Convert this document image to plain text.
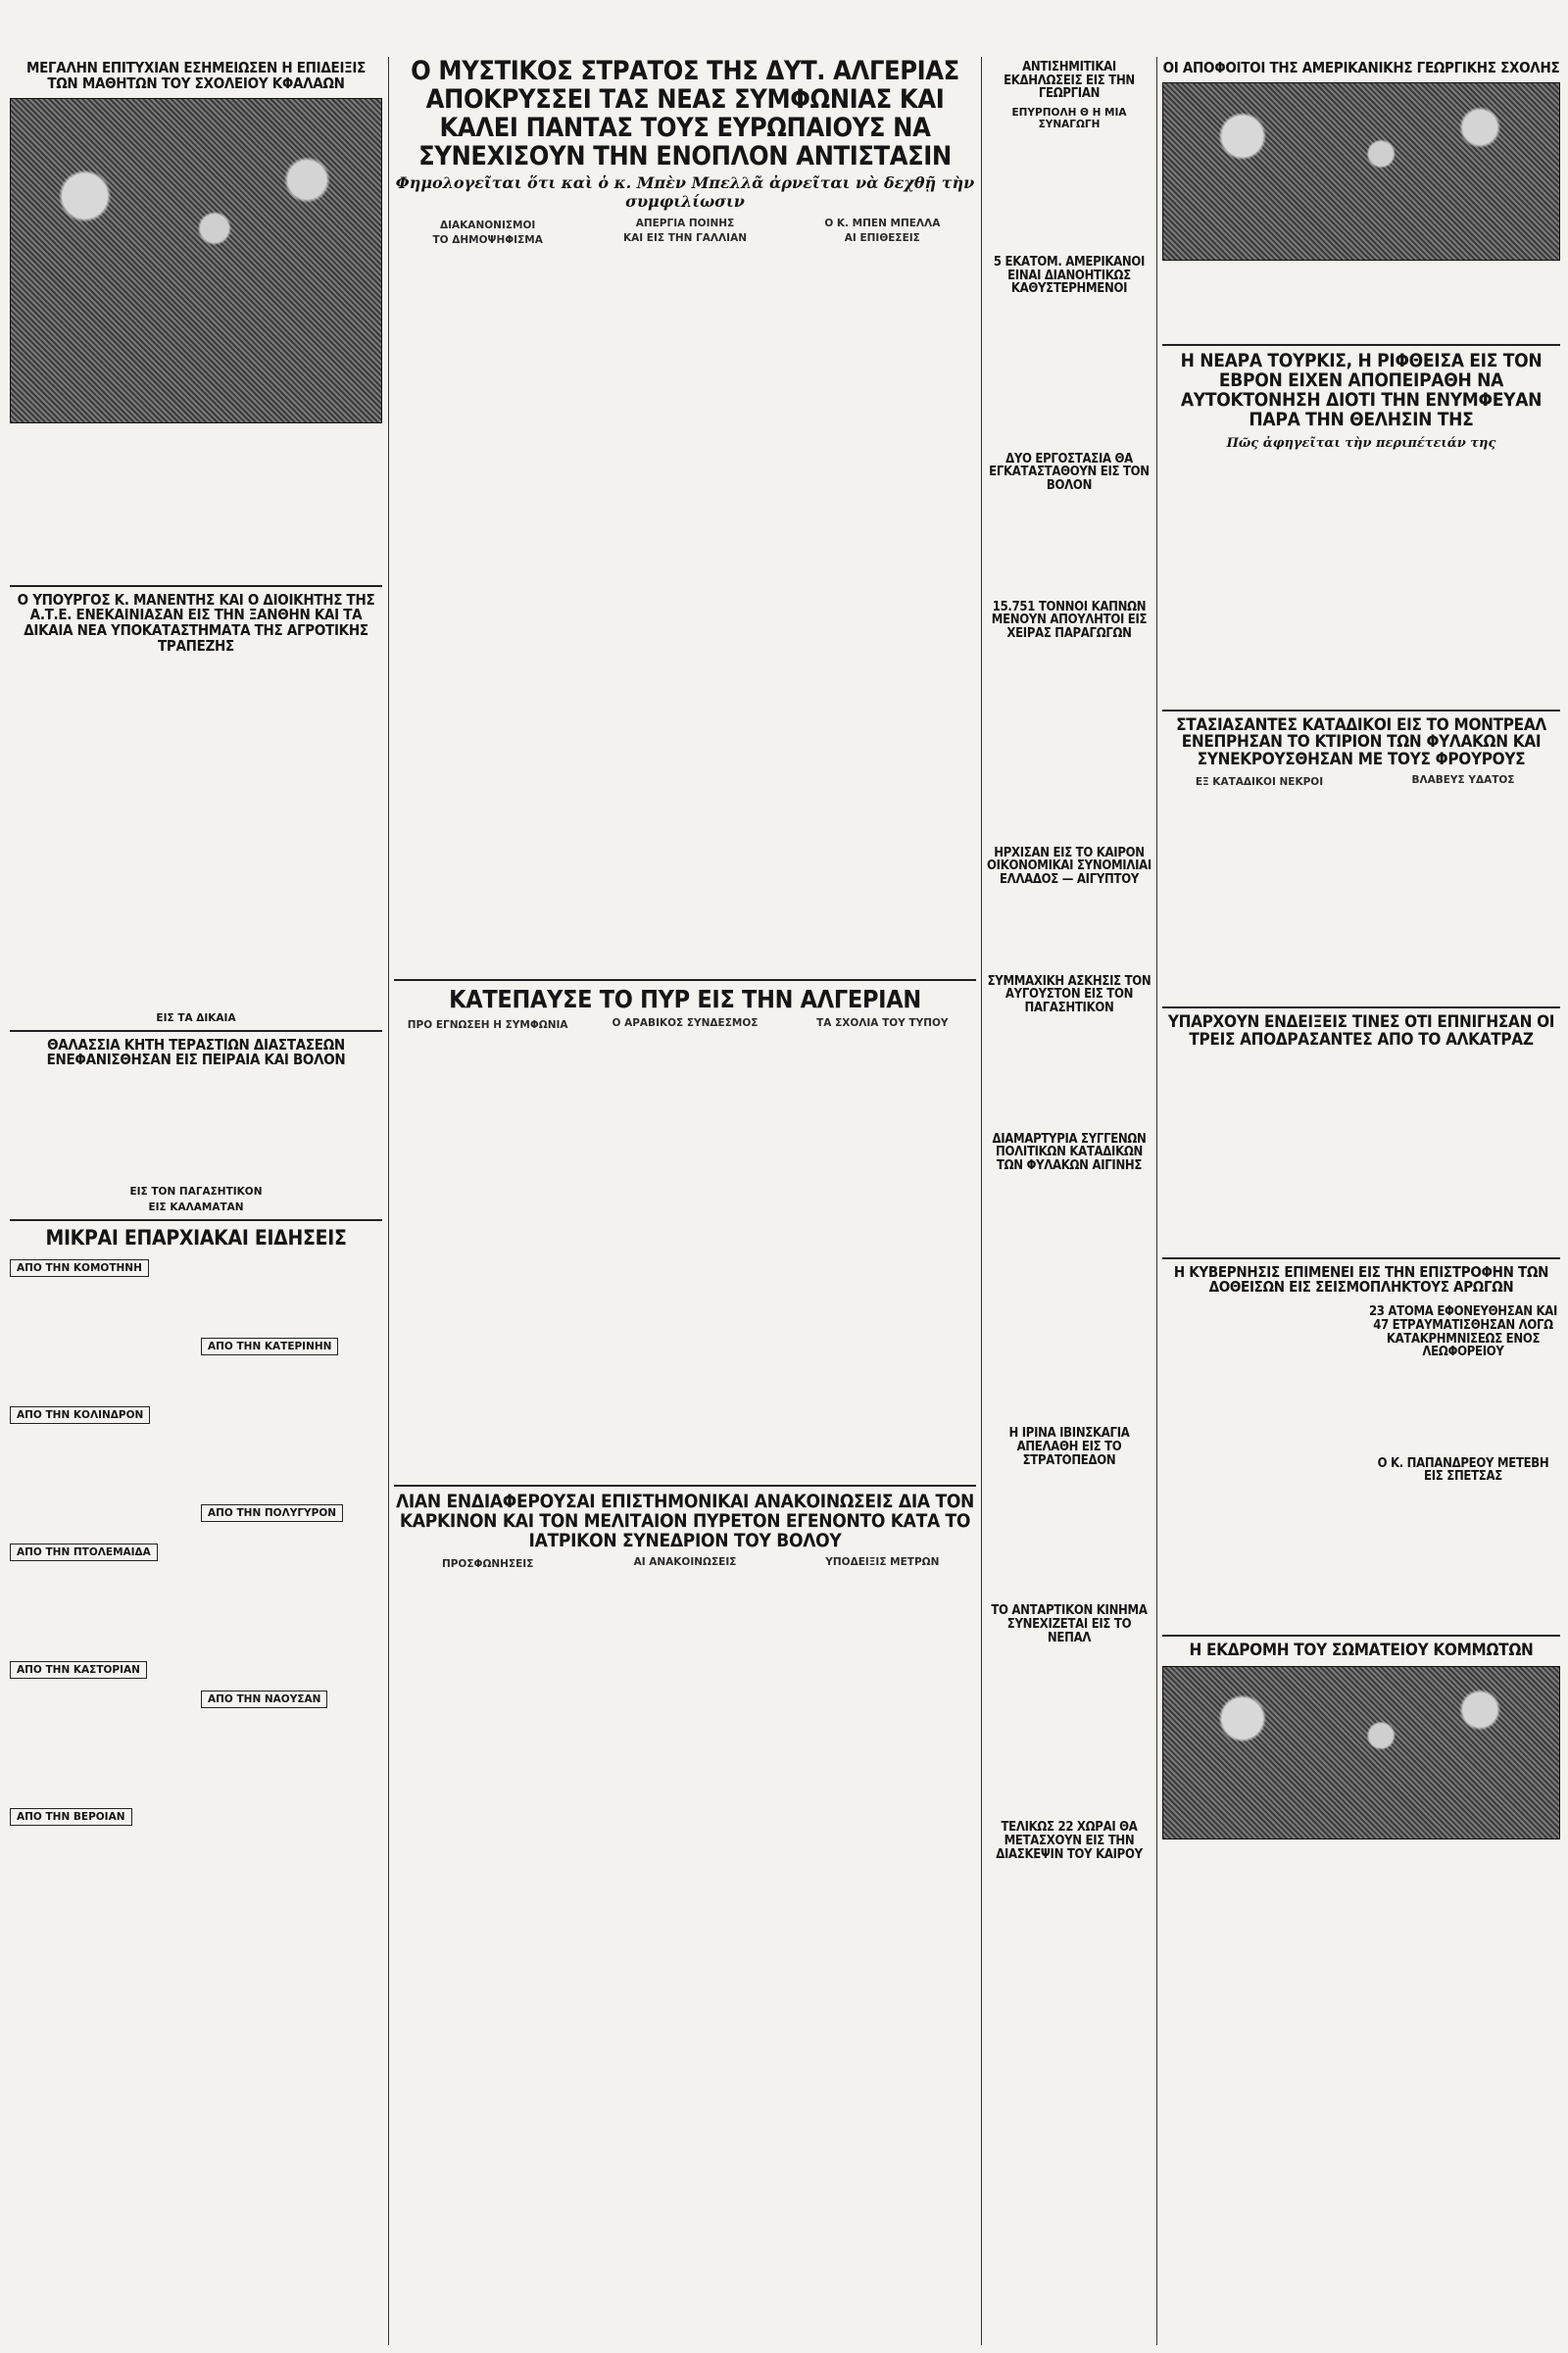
ΜΕΓΑΛΗΝ ΕΠΙΤΥΧΙΑΝ ΕΣΗΜΕΙΩΣΕΝ Η ΕΠΙΔΕΙΞΙΣ ΤΩΝ ΜΑΘΗΤΩΝ ΤΟΥ ΣΧΟΛΕΙΟΥ ΚΦΑΛΑΩΝ

Ο ΥΠΟΥΡΓΟΣ Κ. ΜΑΝΕΝΤΗΣ ΚΑΙ Ο ΔΙΟΙΚΗΤΗΣ ΤΗΣ Α.Τ.Ε. ΕΝΕΚΑΙΝΙΑΣΑΝ ΕΙΣ ΤΗΝ ΞΑΝΘΗΝ ΚΑΙ ΤΑ ΔΙΚΑΙΑ ΝΕΑ ΥΠΟΚΑΤΑΣΤΗΜΑΤΑ ΤΗΣ ΑΓΡΟΤΙΚΗΣ ΤΡΑΠΕΖΗΣ
ΕΙΣ ΤΑ ΔΙΚΑΙΑ
ΘΑΛΑΣΣΙΑ ΚΗΤΗ ΤΕΡΑΣΤΙΩΝ ΔΙΑΣΤΑΣΕΩΝ ΕΝΕΦΑΝΙΣΘΗΣΑΝ ΕΙΣ ΠΕΙΡΑΙΑ ΚΑΙ ΒΟΛΟΝ
ΕΙΣ ΤΟΝ ΠΑΓΑΣΗΤΙΚΟΝ
ΕΙΣ ΚΑΛΑΜΑΤΑΝ
ΜΙΚΡΑΙ ΕΠΑΡΧΙΑΚΑΙ ΕΙΔΗΣΕΙΣ
ΑΠΟ ΤΗΝ ΚΟΜΟΤΗΝΗ
ΑΠΟ ΤΗΝ ΚΟΛΙΝΔΡΟΝ
ΑΠΟ ΤΗΝ ΠΤΟΛΕΜΑΙΔΑ
ΑΠΟ ΤΗΝ ΚΑΣΤΟΡΙΑΝ
ΑΠΟ ΤΗΝ ΒΕΡΟΙΑΝ
ΑΠΟ ΤΗΝ ΚΑΤΕΡΙΝΗΝ
ΑΠΟ ΤΗΝ ΠΟΛΥΓΥΡΟΝ
ΑΠΟ ΤΗΝ ΝΑΟΥΣΑΝ
Ο ΜΥΣΤΙΚΟΣ ΣΤΡΑΤΟΣ ΤΗΣ ΔΥΤ. ΑΛΓΕΡΙΑΣ ΑΠΟΚΡΥΣΣΕΙ ΤΑΣ ΝΕΑΣ ΣΥΜΦΩΝΙΑΣ ΚΑΙ ΚΑΛΕΙ ΠΑΝΤΑΣ ΤΟΥΣ ΕΥΡΩΠΑΙΟΥΣ ΝΑ ΣΥΝΕΧΙΣΟΥΝ ΤΗΝ ΕΝΟΠΛΟΝ ΑΝΤΙΣΤΑΣΙΝ
Φημολογεῖται ὅτι καὶ ὁ κ. Μπὲν Μπελλᾶ ἀρνεῖται νὰ δεχθῇ τὴν συμφιλίωσιν
ΔΙΑΚΑΝΟΝΙΣΜΟΙ
ΤΟ ΔΗΜΟΨΗΦΙΣΜΑ
ΑΠΕΡΓΙΑ ΠΟΙΝΗΣ
ΚΑΙ ΕΙΣ ΤΗΝ ΓΑΛΛΙΑΝ
Ο Κ. ΜΠΕΝ ΜΠΕΛΛΑ
ΑΙ ΕΠΙΘΕΣΕΙΣ
ΚΑΤΕΠΑΥΣΕ ΤΟ ΠΥΡ ΕΙΣ ΤΗΝ ΑΛΓΕΡΙΑΝ
ΠΡΟ ΕΓΝΩΣΕΗ Η ΣΥΜΦΩΝΙΑ	Ο ΑΡΑΒΙΚΟΣ ΣΥΝΔΕΣΜΟΣ	ΤΑ ΣΧΟΛΙΑ ΤΟΥ ΤΥΠΟΥ
ΛΙΑΝ ΕΝΔΙΑΦΕΡΟΥΣΑΙ ΕΠΙΣΤΗΜΟΝΙΚΑΙ ΑΝΑΚΟΙΝΩΣΕΙΣ ΔΙΑ ΤΟΝ ΚΑΡΚΙΝΟΝ ΚΑΙ ΤΟΝ ΜΕΛΙΤΑΙΟΝ ΠΥΡΕΤΟΝ ΕΓΕΝΟΝΤΟ ΚΑΤΑ ΤΟ ΙΑΤΡΙΚΟΝ ΣΥΝΕΔΡΙΟΝ ΤΟΥ ΒΟΛΟΥ
ΠΡΟΣΦΩΝΗΣΕΙΣ	ΑΙ ΑΝΑΚΟΙΝΩΣΕΙΣ	ΥΠΟΔΕΙΞΙΣ ΜΕΤΡΩΝ
ΑΝΤΙΣΗΜΙΤΙΚΑΙ ΕΚΔΗΛΩΣΕΙΣ ΕΙΣ ΤΗΝ ΓΕΩΡΓΙΑΝ
ΕΠΥΡΠΟΛΗ Θ Η ΜΙΑ ΣΥΝΑΓΩΓΗ
5 ΕΚΑΤΟΜ. ΑΜΕΡΙΚΑΝΟΙ ΕΙΝΑΙ ΔΙΑΝΟΗΤΙΚΩΣ ΚΑΘΥΣΤΕΡΗΜΕΝΟΙ
ΔΥΟ ΕΡΓΟΣΤΑΣΙΑ ΘΑ ΕΓΚΑΤΑΣΤΑΘΟΥΝ ΕΙΣ ΤΟΝ ΒΟΛΟΝ
15.751 ΤΟΝΝΟΙ ΚΑΠΝΩΝ ΜΕΝΟΥΝ ΑΠΟΥΛΗΤΟΙ ΕΙΣ ΧΕΙΡΑΣ ΠΑΡΑΓΩΓΩΝ
ΗΡΧΙΣΑΝ ΕΙΣ ΤΟ ΚΑΙΡΟΝ ΟΙΚΟΝΟΜΙΚΑΙ ΣΥΝΟΜΙΛΙΑΙ ΕΛΛΑΔΟΣ — ΑΙΓΥΠΤΟΥ
ΣΥΜΜΑΧΙΚΗ ΑΣΚΗΣΙΣ ΤΟΝ ΑΥΓΟΥΣΤΟΝ ΕΙΣ ΤΟΝ ΠΑΓΑΣΗΤΙΚΟΝ
ΔΙΑΜΑΡΤΥΡΙΑ ΣΥΓΓΕΝΩΝ ΠΟΛΙΤΙΚΩΝ ΚΑΤΑΔΙΚΩΝ ΤΩΝ ΦΥΛΑΚΩΝ ΑΙΓΙΝΗΣ
Η ΙΡΙΝΑ ΙΒΙΝΣΚΑΓΙΑ ΑΠΕΛΑΘΗ ΕΙΣ ΤΟ ΣΤΡΑΤΟΠΕΔΟΝ
ΤΟ ΑΝΤΑΡΤΙΚΟΝ ΚΙΝΗΜΑ ΣΥΝΕΧΙΖΕΤΑΙ ΕΙΣ ΤΟ ΝΕΠΑΛ
ΤΕΛΙΚΩΣ 22 ΧΩΡΑΙ ΘΑ ΜΕΤΑΣΧΟΥΝ ΕΙΣ ΤΗΝ ΔΙΑΣΚΕΨΙΝ ΤΟΥ ΚΑΙΡΟΥ
ΟΙ ΑΠΟΦΟΙΤΟΙ ΤΗΣ ΑΜΕΡΙΚΑΝΙΚΗΣ ΓΕΩΡΓΙΚΗΣ ΣΧΟΛΗΣ

Η ΝΕΑΡΑ ΤΟΥΡΚΙΣ, Η ΡΙΦΘΕΙΣΑ ΕΙΣ ΤΟΝ ΕΒΡΟΝ ΕΙΧΕΝ ΑΠΟΠΕΙΡΑΘΗ ΝΑ ΑΥΤΟΚΤΟΝΗΣΗ ΔΙΟΤΙ ΤΗΝ ΕΝΥΜΦΕΥΑΝ ΠΑΡΑ ΤΗΝ ΘΕΛΗΣΙΝ ΤΗΣ
Πῶς ἀφηγεῖται τὴν περιπέτειάν της
ΣΤΑΣΙΑΣΑΝΤΕΣ ΚΑΤΑΔΙΚΟΙ ΕΙΣ ΤΟ ΜΟΝΤΡΕΑΛ ΕΝΕΠΡΗΣΑΝ ΤΟ ΚΤΙΡΙΟΝ ΤΩΝ ΦΥΛΑΚΩΝ ΚΑΙ ΣΥΝΕΚΡΟΥΣΘΗΣΑΝ ΜΕ ΤΟΥΣ ΦΡΟΥΡΟΥΣ
ΕΞ ΚΑΤΑΔΙΚΟΙ ΝΕΚΡΟΙ	ΒΛΑΒΕΥΣ ΥΔΑΤΟΣ
ΥΠΑΡΧΟΥΝ ΕΝΔΕΙΞΕΙΣ ΤΙΝΕΣ ΟΤΙ ΕΠΝΙΓΗΣΑΝ ΟΙ ΤΡΕΙΣ ΑΠΟΔΡΑΣΑΝΤΕΣ ΑΠΟ ΤΟ ΑΛΚΑΤΡΑΖ
Η ΚΥΒΕΡΝΗΣΙΣ ΕΠΙΜΕΝΕΙ ΕΙΣ ΤΗΝ ΕΠΙΣΤΡΟΦΗΝ ΤΩΝ ΔΟΘΕΙΣΩΝ ΕΙΣ ΣΕΙΣΜΟΠΛΗΚΤΟΥΣ ΑΡΩΓΩΝ
23 ΑΤΟΜΑ ΕΦΟΝΕΥΘΗΣΑΝ ΚΑΙ 47 ΕΤΡΑΥΜΑΤΙΣΘΗΣΑΝ ΛΟΓΩ ΚΑΤΑΚΡΗΜΝΙΣΕΩΣ ΕΝΟΣ ΛΕΩΦΟΡΕΙΟΥ
Ο Κ. ΠΑΠΑΝΔΡΕΟΥ ΜΕΤΕΒΗ ΕΙΣ ΣΠΕΤΣΑΣ
Η ΕΚΔΡΟΜΗ ΤΟΥ ΣΩΜΑΤΕΙΟΥ ΚΟΜΜΩΤΩΝ
